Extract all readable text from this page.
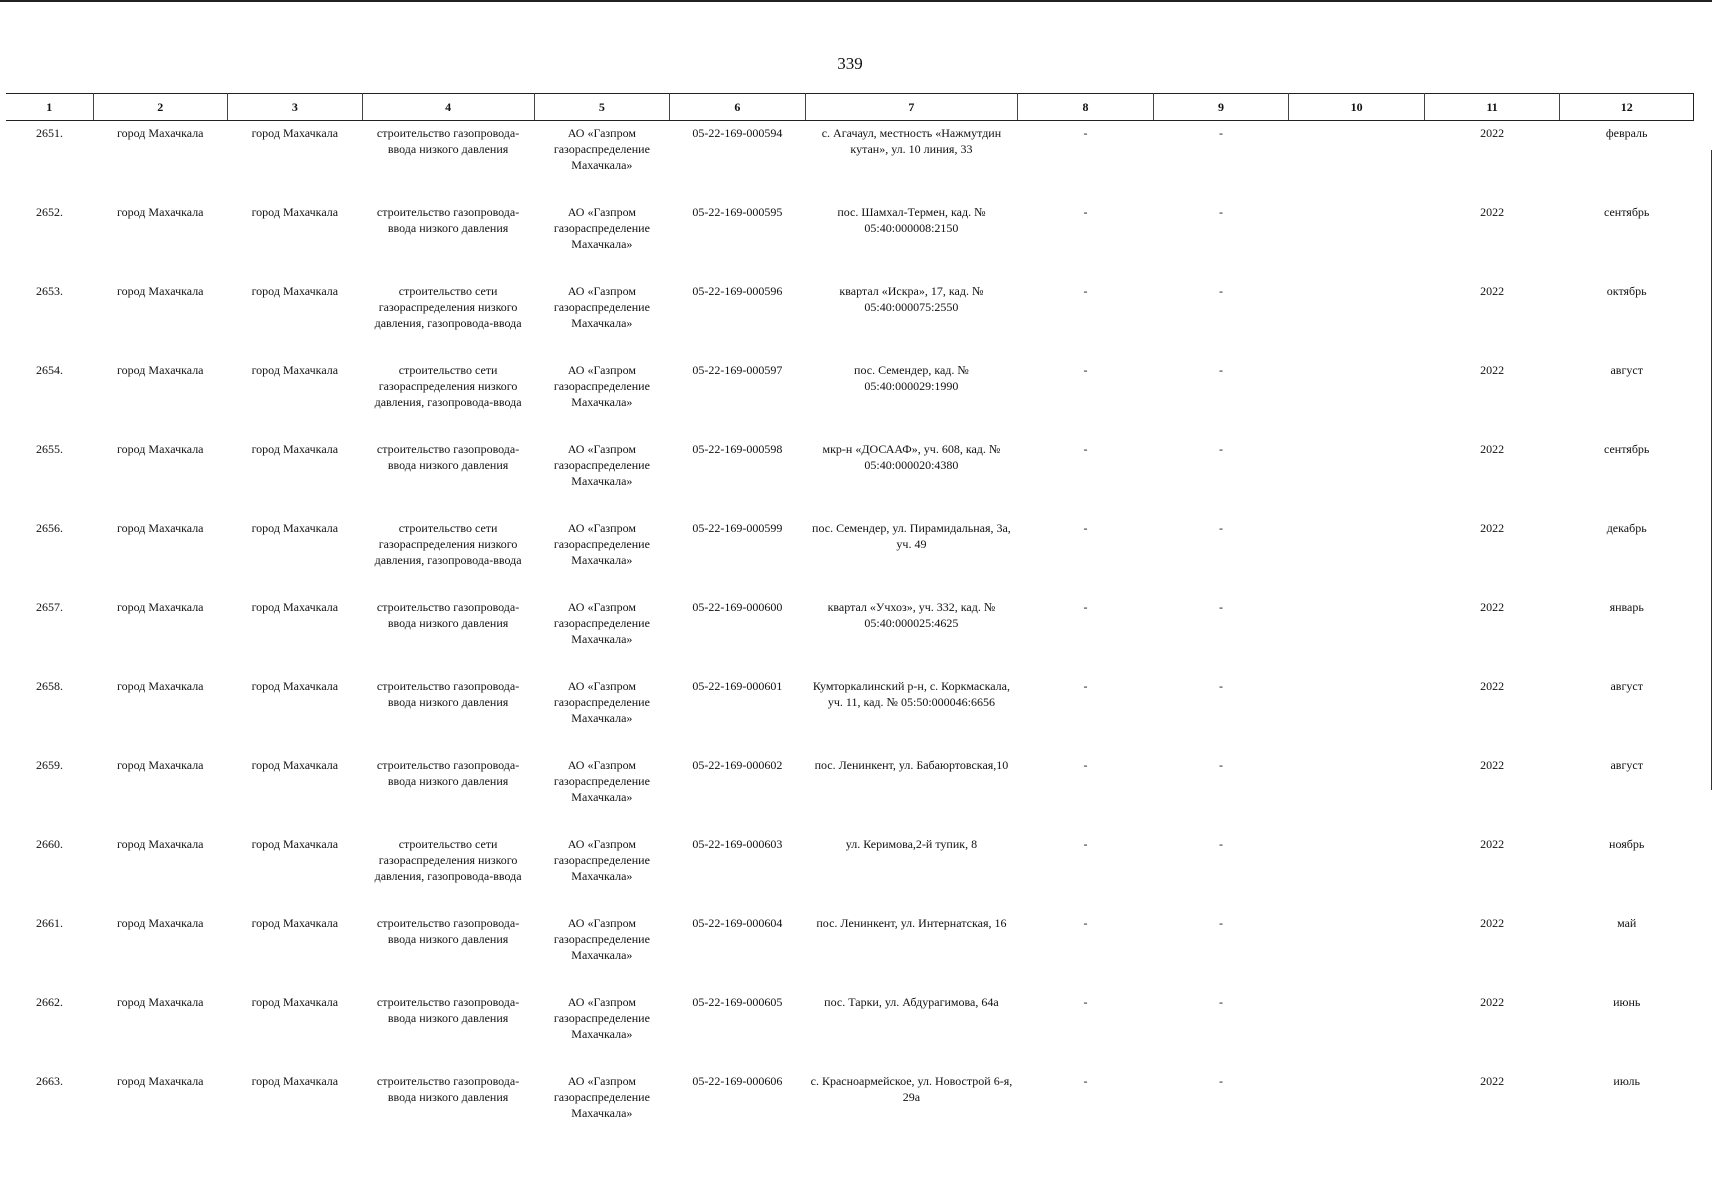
339
1	2	3	4	5	6	7	8	9	10	11	12
2651.	город Махачкала	город Махачкала	строительство газопровода-ввода низкого давления	АО «Газпром газораспределение Махачкала»	05-22-169-000594	с. Агачаул, местность «Нажмутдин кутан», ул. 10 линия, 33	-	-		2022	февраль
2652.	город Махачкала	город Махачкала	строительство газопровода-ввода низкого давления	АО «Газпром газораспределение Махачкала»	05-22-169-000595	пос. Шамхал-Термен, кад. № 05:40:000008:2150	-	-		2022	сентябрь
2653.	город Махачкала	город Махачкала	строительство сети газораспределения низкого давления, газопровода-ввода	АО «Газпром газораспределение Махачкала»	05-22-169-000596	квартал «Искра», 17, кад. № 05:40:000075:2550	-	-		2022	октябрь
2654.	город Махачкала	город Махачкала	строительство сети газораспределения низкого давления, газопровода-ввода	АО «Газпром газораспределение Махачкала»	05-22-169-000597	пос. Семендер, кад. № 05:40:000029:1990	-	-		2022	август
2655.	город Махачкала	город Махачкала	строительство газопровода-ввода низкого давления	АО «Газпром газораспределение Махачкала»	05-22-169-000598	мкр-н «ДОСААФ», уч. 608, кад. № 05:40:000020:4380	-	-		2022	сентябрь
2656.	город Махачкала	город Махачкала	строительство сети газораспределения низкого давления, газопровода-ввода	АО «Газпром газораспределение Махачкала»	05-22-169-000599	пос. Семендер, ул. Пирамидальная, 3а, уч. 49	-	-		2022	декабрь
2657.	город Махачкала	город Махачкала	строительство газопровода-ввода низкого давления	АО «Газпром газораспределение Махачкала»	05-22-169-000600	квартал «Учхоз», уч. 332, кад. № 05:40:000025:4625	-	-		2022	январь
2658.	город Махачкала	город Махачкала	строительство газопровода-ввода низкого давления	АО «Газпром газораспределение Махачкала»	05-22-169-000601	Кумторкалинский р-н, с. Коркмаскала, уч. 11, кад. № 05:50:000046:6656	-	-		2022	август
2659.	город Махачкала	город Махачкала	строительство газопровода-ввода низкого давления	АО «Газпром газораспределение Махачкала»	05-22-169-000602	пос. Ленинкент, ул. Бабаюртовская,10	-	-		2022	август
2660.	город Махачкала	город Махачкала	строительство сети газораспределения низкого давления, газопровода-ввода	АО «Газпром газораспределение Махачкала»	05-22-169-000603	ул. Керимова,2-й тупик, 8	-	-		2022	ноябрь
2661.	город Махачкала	город Махачкала	строительство газопровода-ввода низкого давления	АО «Газпром газораспределение Махачкала»	05-22-169-000604	пос. Ленинкент, ул. Интернатская, 16	-	-		2022	май
2662.	город Махачкала	город Махачкала	строительство газопровода-ввода низкого давления	АО «Газпром газораспределение Махачкала»	05-22-169-000605	пос. Тарки, ул. Абдурагимова, 64а	-	-		2022	июнь
2663.	город Махачкала	город Махачкала	строительство газопровода-ввода низкого давления	АО «Газпром газораспределение Махачкала»	05-22-169-000606	с. Красноармейское, ул. Новострой 6-я, 29а	-	-		2022	июль
